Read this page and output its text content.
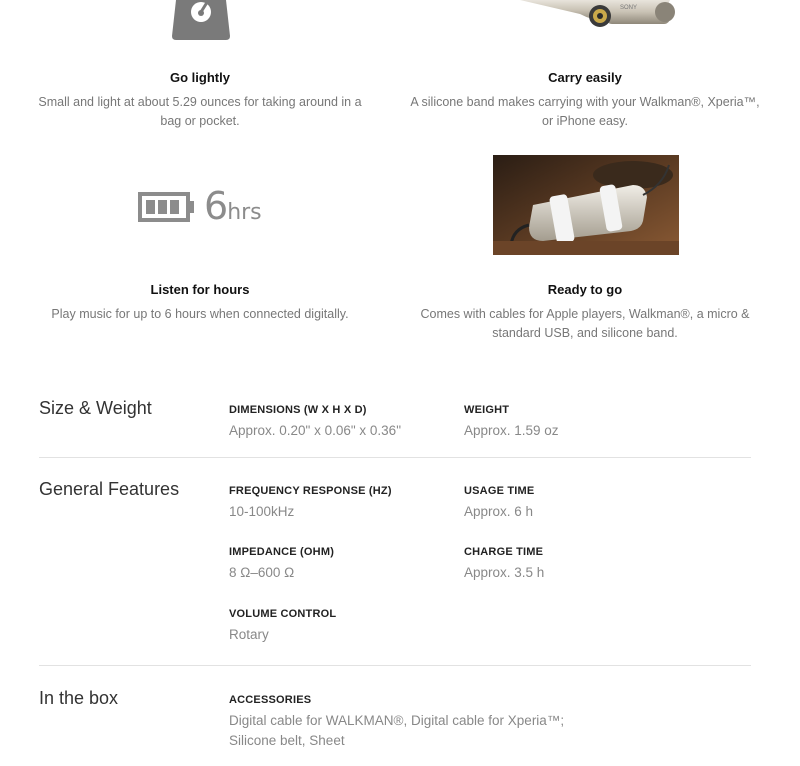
SONY
Go lightly
Small and light at about 5.29 ounces for taking around in a
bag or pocket.
Carry easily
A silicone band makes carrying with your Walkman®, Xperia™,
or iPhone easy.
6hrs
Listen for hours
Play music for up to 6 hours when connected digitally.
Ready to go
Comes with cables for Apple players, Walkman®, a micro &
standard USB, and silicone band.
Size & Weight	DIMENSIONS (W X H X D)
Approx. 0.20" x 0.06" x 0.36"
WEIGHT
Approx. 1.59 oz
General Features	FREQUENCY RESPONSE (HZ)
10-100kHz
USAGE TIME
Approx. 6 h
IMPEDANCE (OHM)
8 Ω–600 Ω
CHARGE TIME
Approx. 3.5 h
VOLUME CONTROL
Rotary
In the box	ACCESSORIES
Digital cable for WALKMAN®, Digital cable for Xperia™;
Silicone belt, Sheet
